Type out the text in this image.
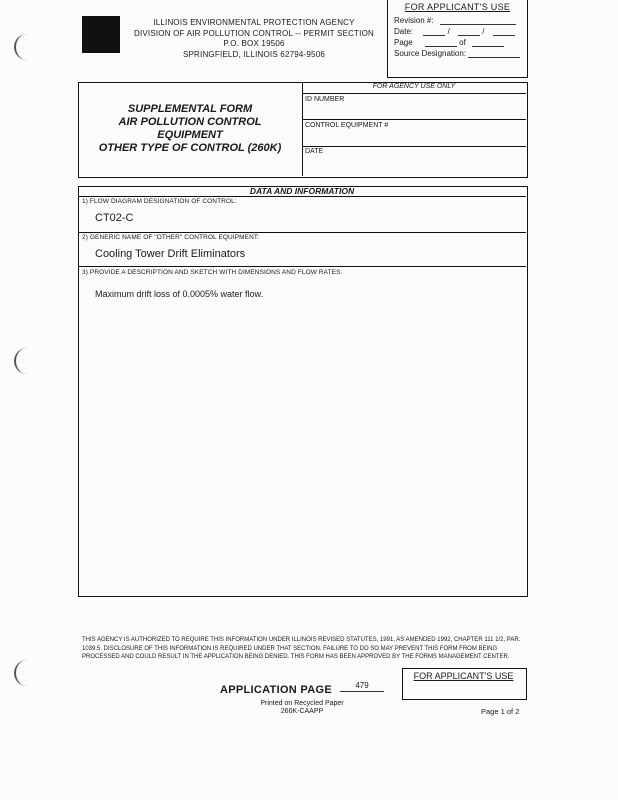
ILLINOIS ENVIRONMENTAL PROTECTION AGENCY
DIVISION OF AIR POLLUTION CONTROL -- PERMIT SECTION
P.O. BOX 19506
SPRINGFIELD, ILLINOIS 62794-9506
FOR APPLICANT'S USE
Revision #:
Date:	/	/
Page	of
Source Designation:
SUPPLEMENTAL FORM
AIR POLLUTION CONTROL
EQUIPMENT
OTHER TYPE OF CONTROL (260K)
FOR AGENCY USE ONLY
ID NUMBER
CONTROL EQUIPMENT #
DATE
DATA AND INFORMATION
1) FLOW DIAGRAM DESIGNATION OF CONTROL:
CT02-C
2) GENERIC NAME OF "OTHER" CONTROL EQUIPMENT:
Cooling Tower Drift Eliminators
3) PROVIDE A DESCRIPTION AND SKETCH WITH DIMENSIONS AND FLOW RATES:
Maximum drift loss of 0.0005% water flow.
THIS AGENCY IS AUTHORIZED TO REQUIRE THIS INFORMATION UNDER ILLINOIS REVISED STATUTES, 1991, AS AMENDED 1992, CHAPTER 111 1/2, PAR. 1039.5. DISCLOSURE OF THIS INFORMATION IS REQUIRED UNDER THAT SECTION. FAILURE TO DO SO MAY PREVENT THIS FORM FROM BEING PROCESSED AND COULD RESULT IN THE APPLICATION BEING DENIED. THIS FORM HAS BEEN APPROVED BY THE FORMS MANAGEMENT CENTER.
FOR APPLICANT'S USE
APPLICATION PAGE	479
Printed on Recycled Paper
260K-CAAPP	Page 1 of 2
